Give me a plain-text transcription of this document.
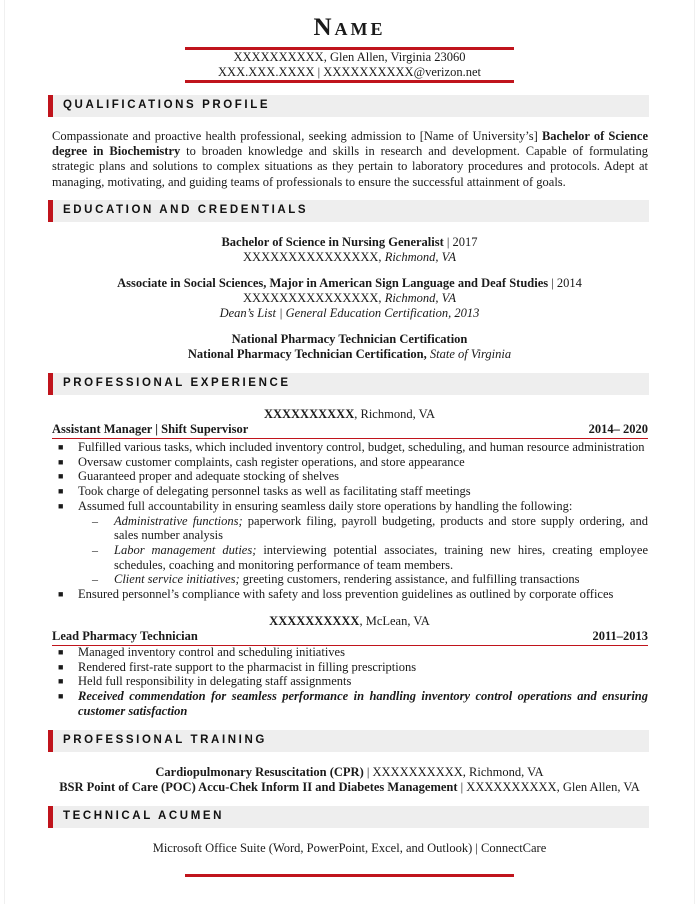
Name
XXXXXXXXXX, Glen Allen, Virginia 23060
XXX.XXX.XXXX | XXXXXXXXXX@verizon.net
QUALIFICATIONS PROFILE
Compassionate and proactive health professional, seeking admission to [Name of University’s] Bachelor of Science degree in Biochemistry to broaden knowledge and skills in research and development. Capable of formulating strategic plans and solutions to complex situations as they pertain to laboratory procedures and protocols. Adept at managing, motivating, and guiding teams of professionals to ensure the successful attainment of goals.
EDUCATION AND CREDENTIALS
Bachelor of Science in Nursing Generalist | 2017
XXXXXXXXXXXXXXX, Richmond, VA
Associate in Social Sciences, Major in American Sign Language and Deaf Studies | 2014
XXXXXXXXXXXXXXX, Richmond, VA
Dean’s List | General Education Certification, 2013
National Pharmacy Technician Certification
National Pharmacy Technician Certification, State of Virginia
PROFESSIONAL EXPERIENCE
XXXXXXXXXX, Richmond, VA
Assistant Manager | Shift Supervisor	2014– 2020
■ Fulfilled various tasks, which included inventory control, budget, scheduling, and human resource administration
■ Oversaw customer complaints, cash register operations, and store appearance
■ Guaranteed proper and adequate stocking of shelves
■ Took charge of delegating personnel tasks as well as facilitating staff meetings
■ Assumed full accountability in ensuring seamless daily store operations by handling the following:
– Administrative functions; paperwork filing, payroll budgeting, products and store supply ordering, and sales number analysis
– Labor management duties; interviewing potential associates, training new hires, creating employee schedules, coaching and monitoring performance of team members.
– Client service initiatives; greeting customers, rendering assistance, and fulfilling transactions
■ Ensured personnel’s compliance with safety and loss prevention guidelines as outlined by corporate offices
XXXXXXXXXX, McLean, VA
Lead Pharmacy Technician	2011–2013
■ Managed inventory control and scheduling initiatives
■ Rendered first-rate support to the pharmacist in filling prescriptions
■ Held full responsibility in delegating staff assignments
■ Received commendation for seamless performance in handling inventory control operations and ensuring customer satisfaction
PROFESSIONAL TRAINING
Cardiopulmonary Resuscitation (CPR) | XXXXXXXXXX, Richmond, VA
BSR Point of Care (POC) Accu-Chek Inform II and Diabetes Management | XXXXXXXXXX, Glen Allen, VA
TECHNICAL ACUMEN
Microsoft Office Suite (Word, PowerPoint, Excel, and Outlook) | ConnectCare
